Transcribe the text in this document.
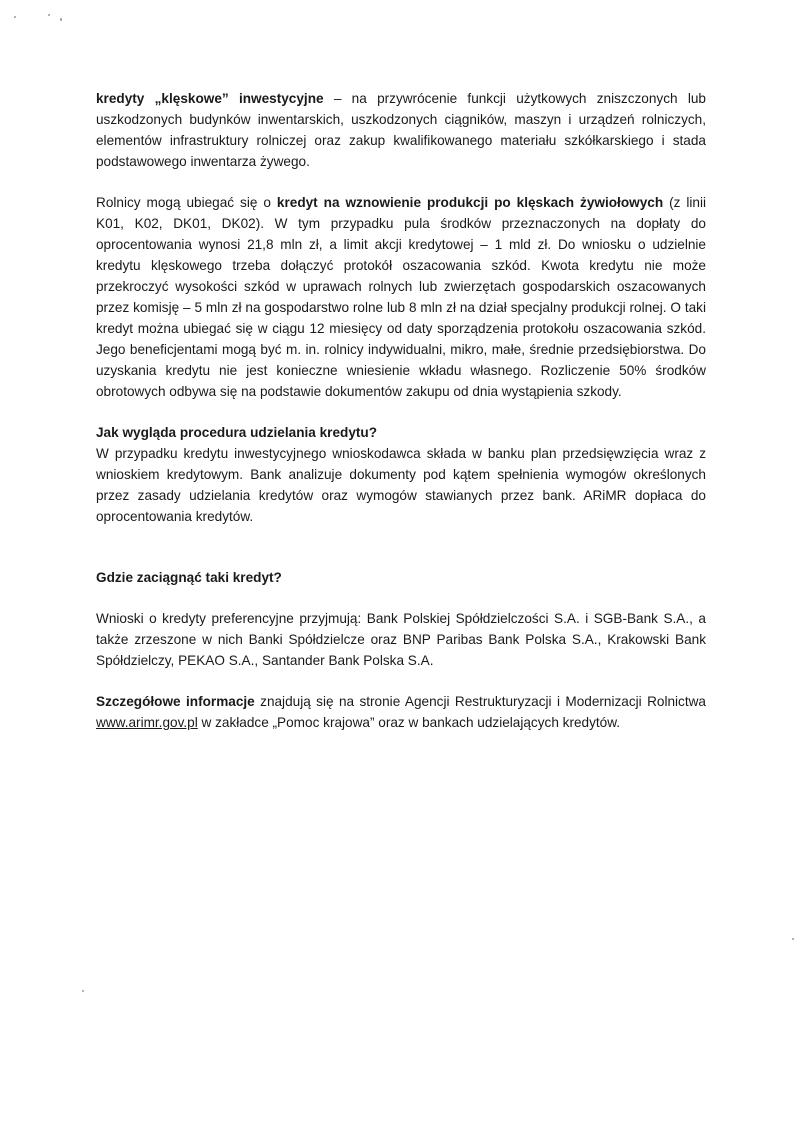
kredyty „klęskowe” inwestycyjne – na przywrócenie funkcji użytkowych zniszczonych lub uszkodzonych budynków inwentarskich, uszkodzonych ciągników, maszyn i urządzeń rolniczych, elementów infrastruktury rolniczej oraz zakup kwalifikowanego materiału szkółkarskiego i stada podstawowego inwentarza żywego.

Rolnicy mogą ubiegać się o kredyt na wznowienie produkcji po klęskach żywiołowych (z linii K01, K02, DK01, DK02). W tym przypadku pula środków przeznaczonych na dopłaty do oprocentowania wynosi 21,8 mln zł, a limit akcji kredytowej – 1 mld zł. Do wniosku o udzielnie kredytu klęskowego trzeba dołączyć protokół oszacowania szkód. Kwota kredytu nie może przekroczyć wysokości szkód w uprawach rolnych lub zwierzętach gospodarskich oszacowanych przez komisję – 5 mln zł na gospodarstwo rolne lub 8 mln zł na dział specjalny produkcji rolnej. O taki kredyt można ubiegać się w ciągu 12 miesięcy od daty sporządzenia protokołu oszacowania szkód. Jego beneficjentami mogą być m. in. rolnicy indywidualni, mikro, małe, średnie przedsiębiorstwa. Do uzyskania kredytu nie jest konieczne wniesienie wkładu własnego. Rozliczenie 50% środków obrotowych odbywa się na podstawie dokumentów zakupu od dnia wystąpienia szkody.

Jak wygląda procedura udzielania kredytu?

W przypadku kredytu inwestycyjnego wnioskodawca składa w banku plan przedsięwzięcia wraz z wnioskiem kredytowym. Bank analizuje dokumenty pod kątem spełnienia wymogów określonych przez zasady udzielania kredytów oraz wymogów stawianych przez bank. ARiMR dopłaca do oprocentowania kredytów.

Gdzie zaciągnąć taki kredyt?

Wnioski o kredyty preferencyjne przyjmują: Bank Polskiej Spółdzielczości S.A. i SGB-Bank S.A., a także zrzeszone w nich Banki Spółdzielcze oraz BNP Paribas Bank Polska S.A., Krakowski Bank Spółdzielczy, PEKAO S.A., Santander Bank Polska S.A.

Szczegółowe informacje znajdują się na stronie Agencji Restrukturyzacji i Modernizacji Rolnictwa www.arimr.gov.pl w zakładce „Pomoc krajowa” oraz w bankach udzielających kredytów.
